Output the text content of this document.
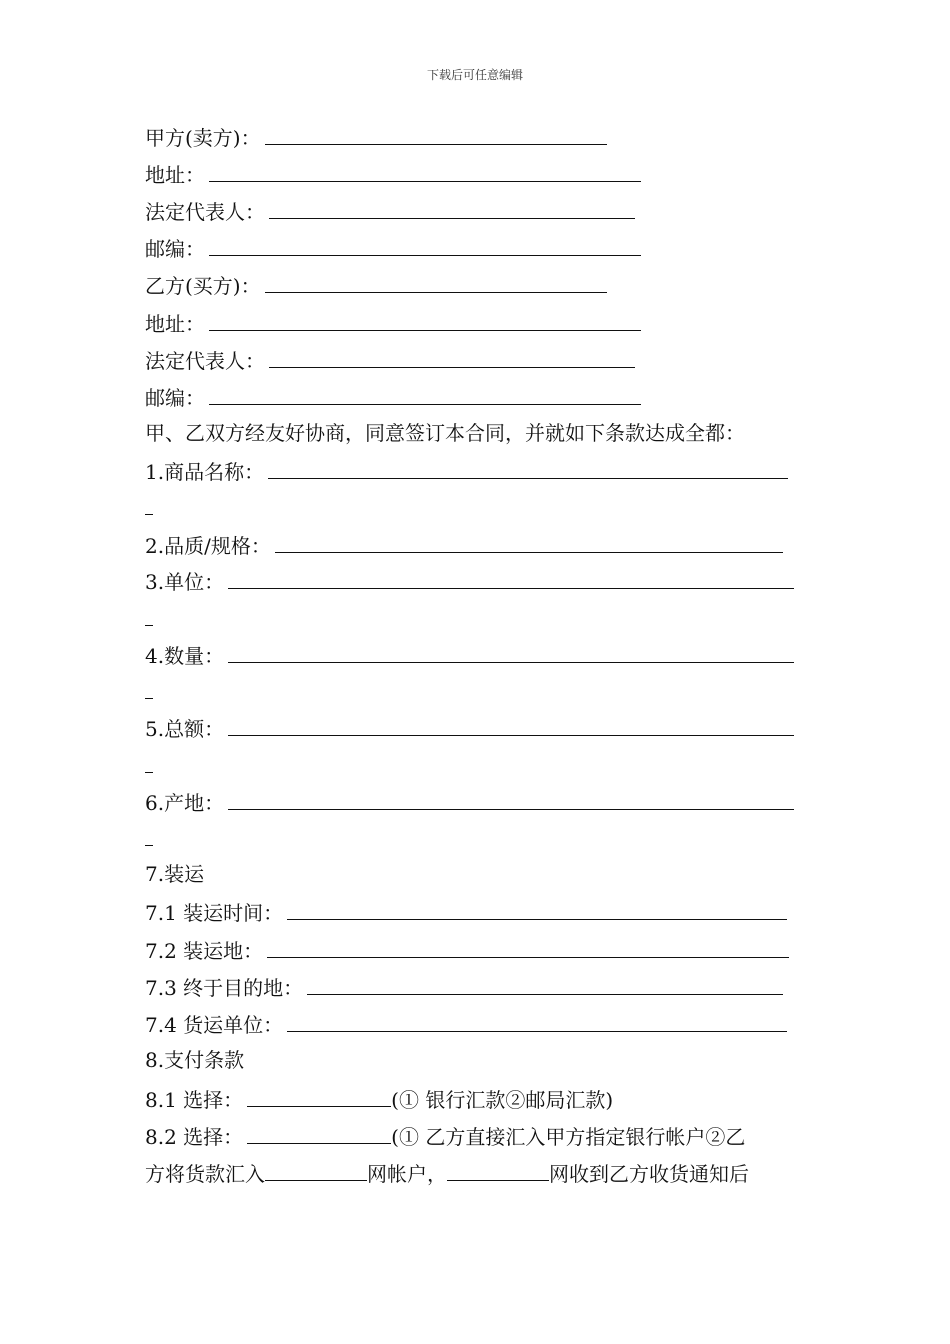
下载后可任意编辑
甲方(卖方)：
地址：
法定代表人：
邮编：
乙方(买方)：
地址：
法定代表人：
邮编：
甲、乙双方经友好协商，同意签订本合同，并就如下条款达成全都：
1.商品名称：
2.品质/规格：
3.单位：
4.数量：
5.总额：
6.产地：
7.装运
7.1 装运时间：
7.2 装运地：
7.3 终于目的地：
7.4 货运单位：
8.支付条款
8.1 选择：	(① 银行汇款②邮局汇款)
8.2 选择：	(① 乙方直接汇入甲方指定银行帐户②乙
方将货款汇入	网帐户，	网收到乙方收货通知后
